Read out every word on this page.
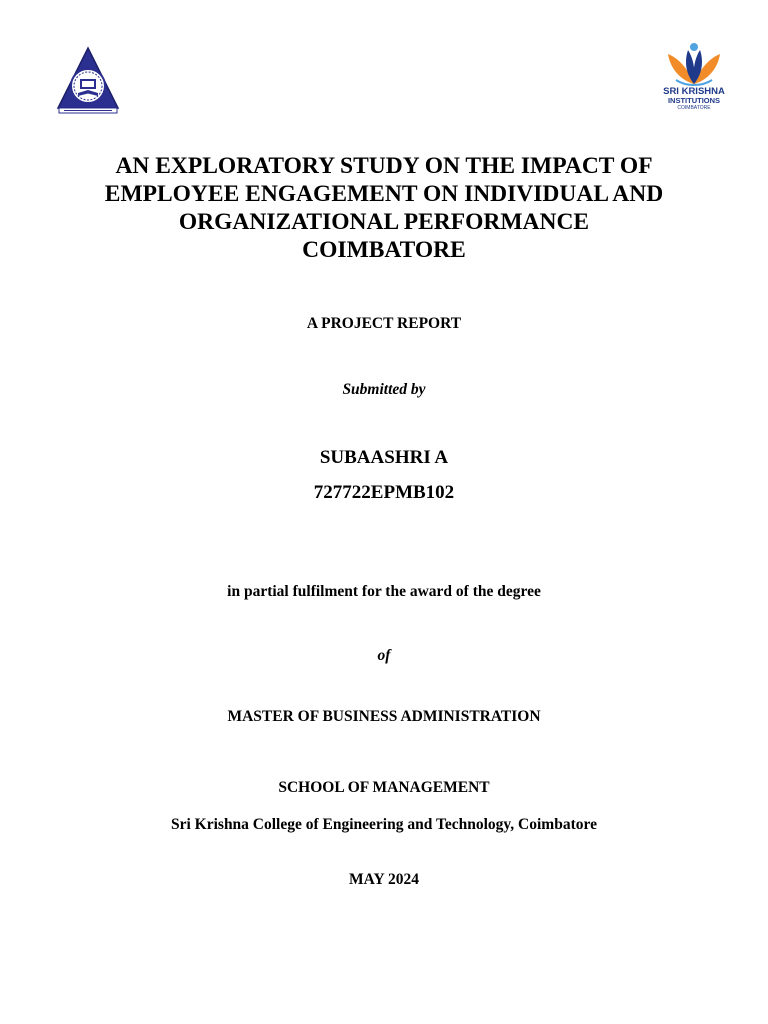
SRI KRISHNA
INSTITUTIONS
COIMBATORE
AN EXPLORATORY STUDY ON THE IMPACT OF
EMPLOYEE ENGAGEMENT ON INDIVIDUAL AND
ORGANIZATIONAL PERFORMANCE
COIMBATORE
A PROJECT REPORT
Submitted by
SUBAASHRI A
727722EPMB102
in partial fulfilment for the award of the degree
of
MASTER OF BUSINESS ADMINISTRATION
SCHOOL OF MANAGEMENT
Sri Krishna College of Engineering and Technology, Coimbatore
MAY 2024
